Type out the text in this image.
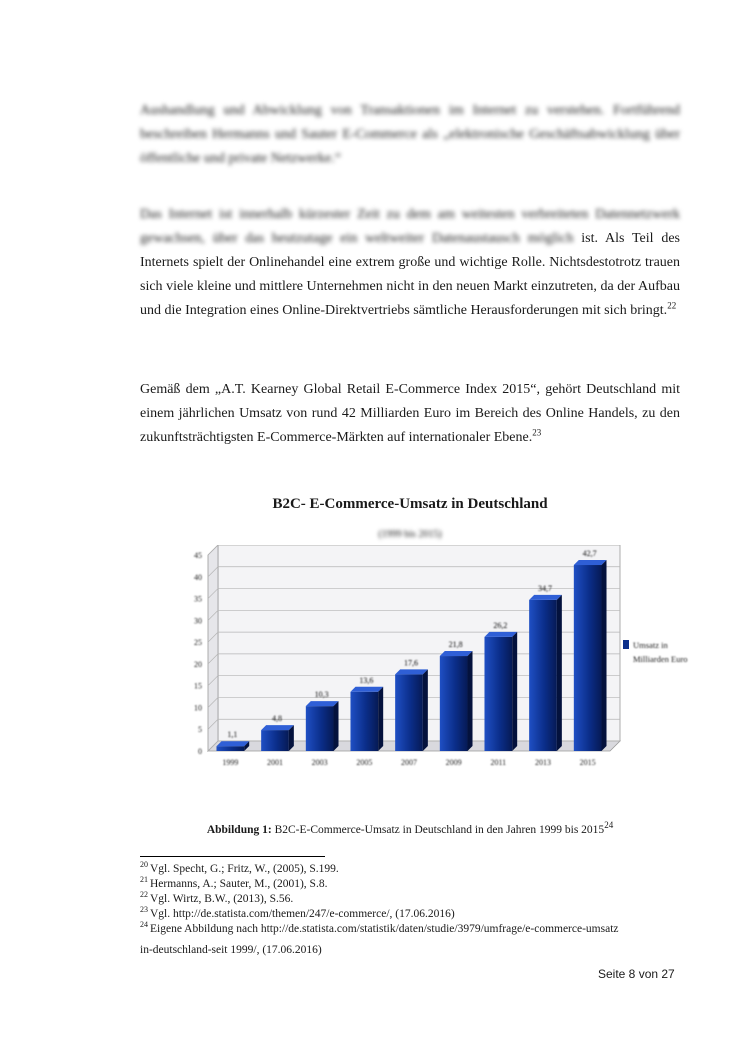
Aushandlung und Abwicklung von Transaktionen im Internet zu verstehen. Fortführend beschreiben Hermanns und Sauter E-Commerce als „elektronische Geschäftsabwicklung über öffentliche und private Netzwerke.“

Das Internet ist innerhalb kürzester Zeit zu dem am weitesten verbreiteten Datennetzwerk gewachsen, über das heutzutage ein weltweiter Datenaustausch möglich ist. Als Teil des Internets spielt der Onlinehandel eine extrem große und wichtige Rolle. Nichtsdestotrotz trauen sich viele kleine und mittlere Unternehmen nicht in den neuen Markt einzutreten, da der Aufbau und die Integration eines Online-Direktvertriebs sämtliche Herausforderungen mit sich bringt.$^{22}$

Gemäß dem „A.T. Kearney Global Retail E-Commerce Index 2015“, gehört Deutschland mit einem jährlichen Umsatz von rund 42 Milliarden Euro im Bereich des Online Handels, zu den zukunftsträchtigsten E-Commerce-Märkten auf internationaler Ebene.$^{23}$

B2C- E-Commerce-Umsatz in Deutschland

(1999 bis 2015)

1,1
4,8
10,3
13,6
17,6
21,8
26,2
34,7
42,7
0
5
10
15
20
25
30
35
40
45
1999	2001	2003	2005	2007	2009	2011	2013	2015
Umsatz in
Milliarden Euro

Abbildung 1: B2C-E-Commerce-Umsatz in Deutschland in den Jahren 1999 bis 2015$^{24}$

$^{20}$ Vgl. Specht, G.; Fritz, W., (2005), S.199.
$^{21}$ Hermanns, A.; Sauter, M., (2001), S.8.
$^{22}$ Vgl. Wirtz, B.W., (2013), S.56.
$^{23}$ Vgl. http://de.statista.com/themen/247/e-commerce/, (17.06.2016)
$^{24}$ Eigene Abbildung nach http://de.statista.com/statistik/daten/studie/3979/umfrage/e-commerce-umsatz
in-deutschland-seit 1999/, (17.06.2016)
Seite 8 von 27
